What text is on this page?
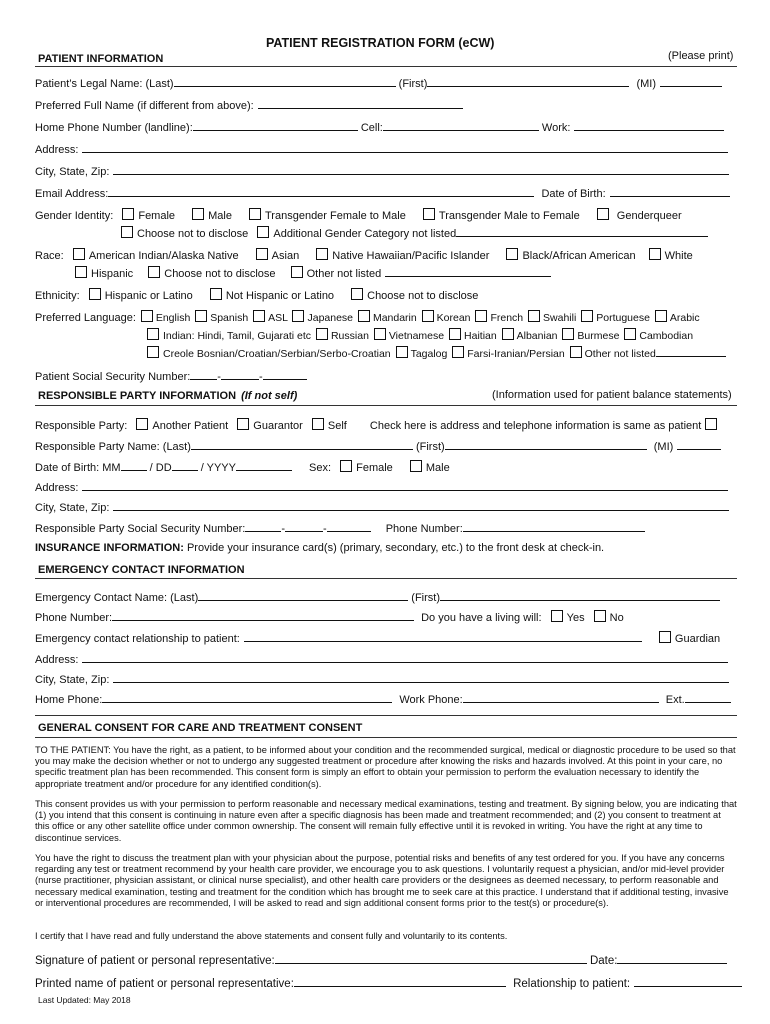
PATIENT REGISTRATION FORM (eCW)
PATIENT INFORMATION	(Please print)
Patient’s Legal Name: (Last)	(First)	(MI)
Preferred Full Name (if different from above):
Home Phone Number (landline):	Cell:	Work:
Address:
City, State, Zip:
Email Address:	Date of Birth:
Gender Identity: Female	Male	Transgender Female to Male	Transgender Male to Female	Genderqueer
Choose not to disclose Additional Gender Category not listed
Race: American Indian/Alaska Native	Asian	Native Hawaiian/Pacific Islander	Black/African American	White
Hispanic	Choose not to disclose	Other not listed
Ethnicity: Hispanic or Latino	Not Hispanic or Latino	Choose not to disclose
Preferred Language: English Spanish ASL Japanese Mandarin Korean French Swahili Portuguese Arabic
Indian: Hindi, Tamil, Gujarati etc Russian Vietnamese Haitian Albanian Burmese Cambodian
Creole Bosnian/Croatian/Serbian/Serbo-Croatian Tagalog Farsi-Iranian/Persian Other not listed
Patient Social Security Number: -	-
RESPONSIBLE PARTY INFORMATION (If not self)	(Information used for patient balance statements)
Responsible Party: Another Patient Guarantor Self Check here is address and telephone information is same as patient
Responsible Party Name: (Last)	(First)	(MI)
Date of Birth: MM	/ DD	/ YYYY	Sex: Female	Male
Address:
City, State, Zip:
Responsible Party Social Security Number:	-	-	Phone Number:
INSURANCE INFORMATION: Provide your insurance card(s) (primary, secondary, etc.) to the front desk at check-in.
EMERGENCY CONTACT INFORMATION
Emergency Contact Name: (Last)	(First)
Phone Number:	Do you have a living will: Yes No
Emergency contact relationship to patient:	Guardian
Address:
City, State, Zip:
Home Phone:	Work Phone:	Ext.
GENERAL CONSENT FOR CARE AND TREATMENT CONSENT
TO THE PATIENT: You have the right, as a patient, to be informed about your condition and the recommended surgical, medical or diagnostic procedure to be used so that you may make the decision whether or not to undergo any suggested treatment or procedure after knowing the risks and hazards involved. At this point in your care, no specific treatment plan has been recommended. This consent form is simply an effort to obtain your permission to perform the evaluation necessary to identify the appropriate treatment and/or procedure for any identified condition(s).
This consent provides us with your permission to perform reasonable and necessary medical examinations, testing and treatment. By signing below, you are indicating that (1) you intend that this consent is continuing in nature even after a specific diagnosis has been made and treatment recommended; and (2) you consent to treatment at this office or any other satellite office under common ownership. The consent will remain fully effective until it is revoked in writing. You have the right at any time to discontinue services.
You have the right to discuss the treatment plan with your physician about the purpose, potential risks and benefits of any test ordered for you. If you have any concerns regarding any test or treatment recommend by your health care provider, we encourage you to ask questions. I voluntarily request a physician, and/or mid-level provider (nurse practitioner, physician assistant, or clinical nurse specialist), and other health care providers or the designees as deemed necessary, to perform reasonable and necessary medical examination, testing and treatment for the condition which has brought me to seek care at this practice. I understand that if additional testing, invasive or interventional procedures are recommended, I will be asked to read and sign additional consent forms prior to the test(s) or procedure(s).
I certify that I have read and fully understand the above statements and consent fully and voluntarily to its contents.
Signature of patient or personal representative:	Date:
Printed name of patient or personal representative:	Relationship to patient:
Last Updated: May 2018
